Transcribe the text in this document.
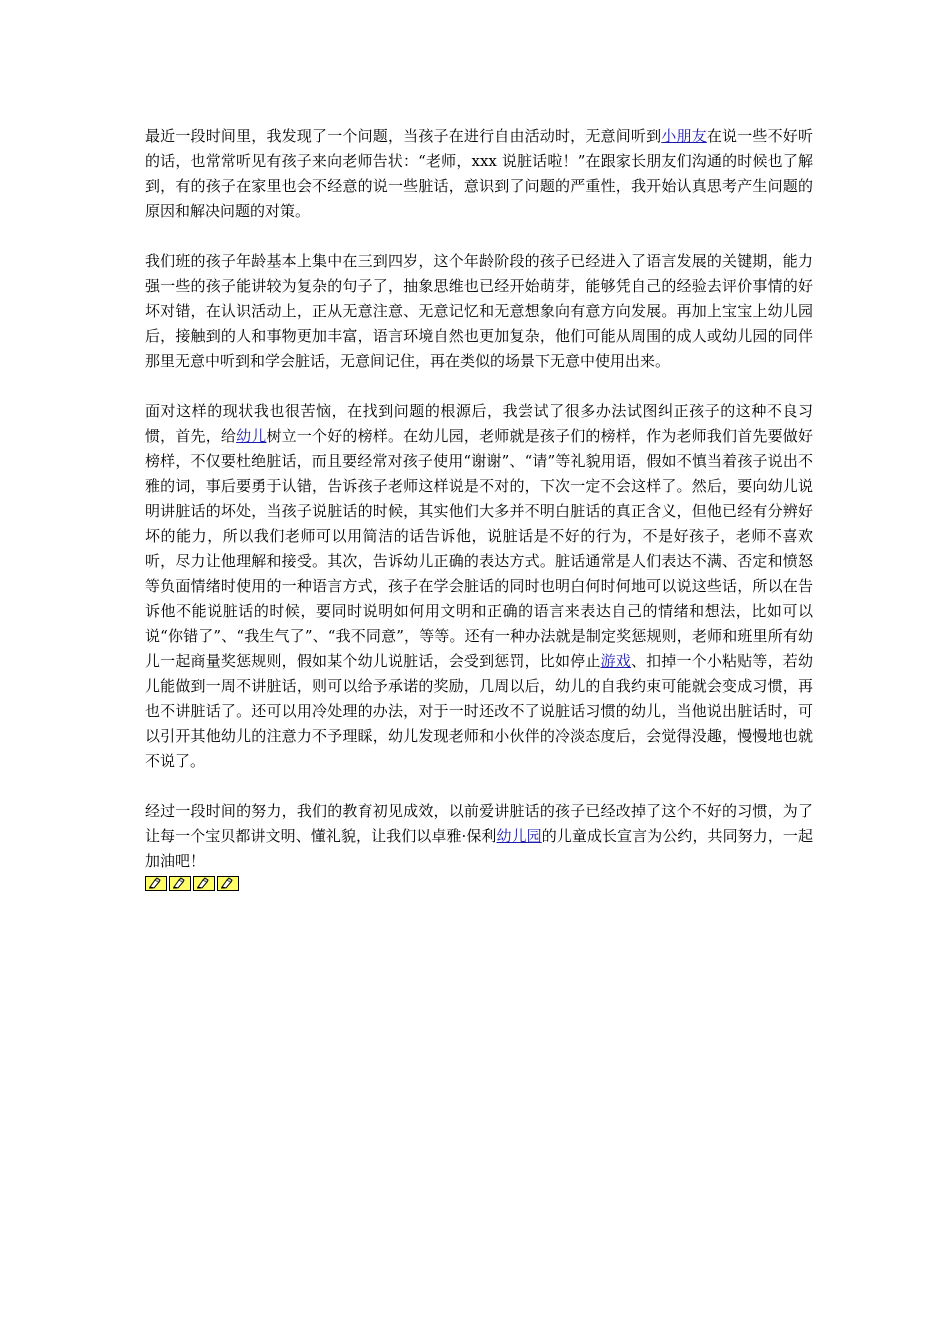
最近一段时间里，我发现了一个问题，当孩子在进行自由活动时，无意间听到小朋友在说一些不好听的话，也常常听见有孩子来向老师告状：“老师，xxx 说脏话啦！”在跟家长朋友们沟通的时候也了解到，有的孩子在家里也会不经意的说一些脏话，意识到了问题的严重性，我开始认真思考产生问题的原因和解决问题的对策。

我们班的孩子年龄基本上集中在三到四岁，这个年龄阶段的孩子已经进入了语言发展的关键期，能力强一些的孩子能讲较为复杂的句子了，抽象思维也已经开始萌芽，能够凭自己的经验去评价事情的好坏对错，在认识活动上，正从无意注意、无意记忆和无意想象向有意方向发展。再加上宝宝上幼儿园后，接触到的人和事物更加丰富，语言环境自然也更加复杂，他们可能从周围的成人或幼儿园的同伴那里无意中听到和学会脏话，无意间记住，再在类似的场景下无意中使用出来。

面对这样的现状我也很苦恼，在找到问题的根源后，我尝试了很多办法试图纠正孩子的这种不良习惯，首先，给幼儿树立一个好的榜样。在幼儿园，老师就是孩子们的榜样，作为老师我们首先要做好榜样，不仅要杜绝脏话，而且要经常对孩子使用“谢谢”、“请”等礼貌用语，假如不慎当着孩子说出不雅的词，事后要勇于认错，告诉孩子老师这样说是不对的，下次一定不会这样了。然后，要向幼儿说明讲脏话的坏处，当孩子说脏话的时候，其实他们大多并不明白脏话的真正含义，但他已经有分辨好坏的能力，所以我们老师可以用简洁的话告诉他，说脏话是不好的行为，不是好孩子，老师不喜欢听，尽力让他理解和接受。其次，告诉幼儿正确的表达方式。脏话通常是人们表达不满、否定和愤怒等负面情绪时使用的一种语言方式，孩子在学会脏话的同时也明白何时何地可以说这些话，所以在告诉他不能说脏话的时候，要同时说明如何用文明和正确的语言来表达自己的情绪和想法，比如可以说“你错了”、“我生气了”、“我不同意”，等等。还有一种办法就是制定奖惩规则，老师和班里所有幼儿一起商量奖惩规则，假如某个幼儿说脏话，会受到惩罚，比如停止游戏、扣掉一个小粘贴等，若幼儿能做到一周不讲脏话，则可以给予承诺的奖励，几周以后，幼儿的自我约束可能就会变成习惯，再也不讲脏话了。还可以用冷处理的办法，对于一时还改不了说脏话习惯的幼儿，当他说出脏话时，可以引开其他幼儿的注意力不予理睬，幼儿发现老师和小伙伴的冷淡态度后，会觉得没趣，慢慢地也就不说了。

经过一段时间的努力，我们的教育初见成效，以前爱讲脏话的孩子已经改掉了这个不好的习惯，为了让每一个宝贝都讲文明、懂礼貌，让我们以卓雅·保利幼儿园的儿童成长宣言为公约，共同努力，一起加油吧！
